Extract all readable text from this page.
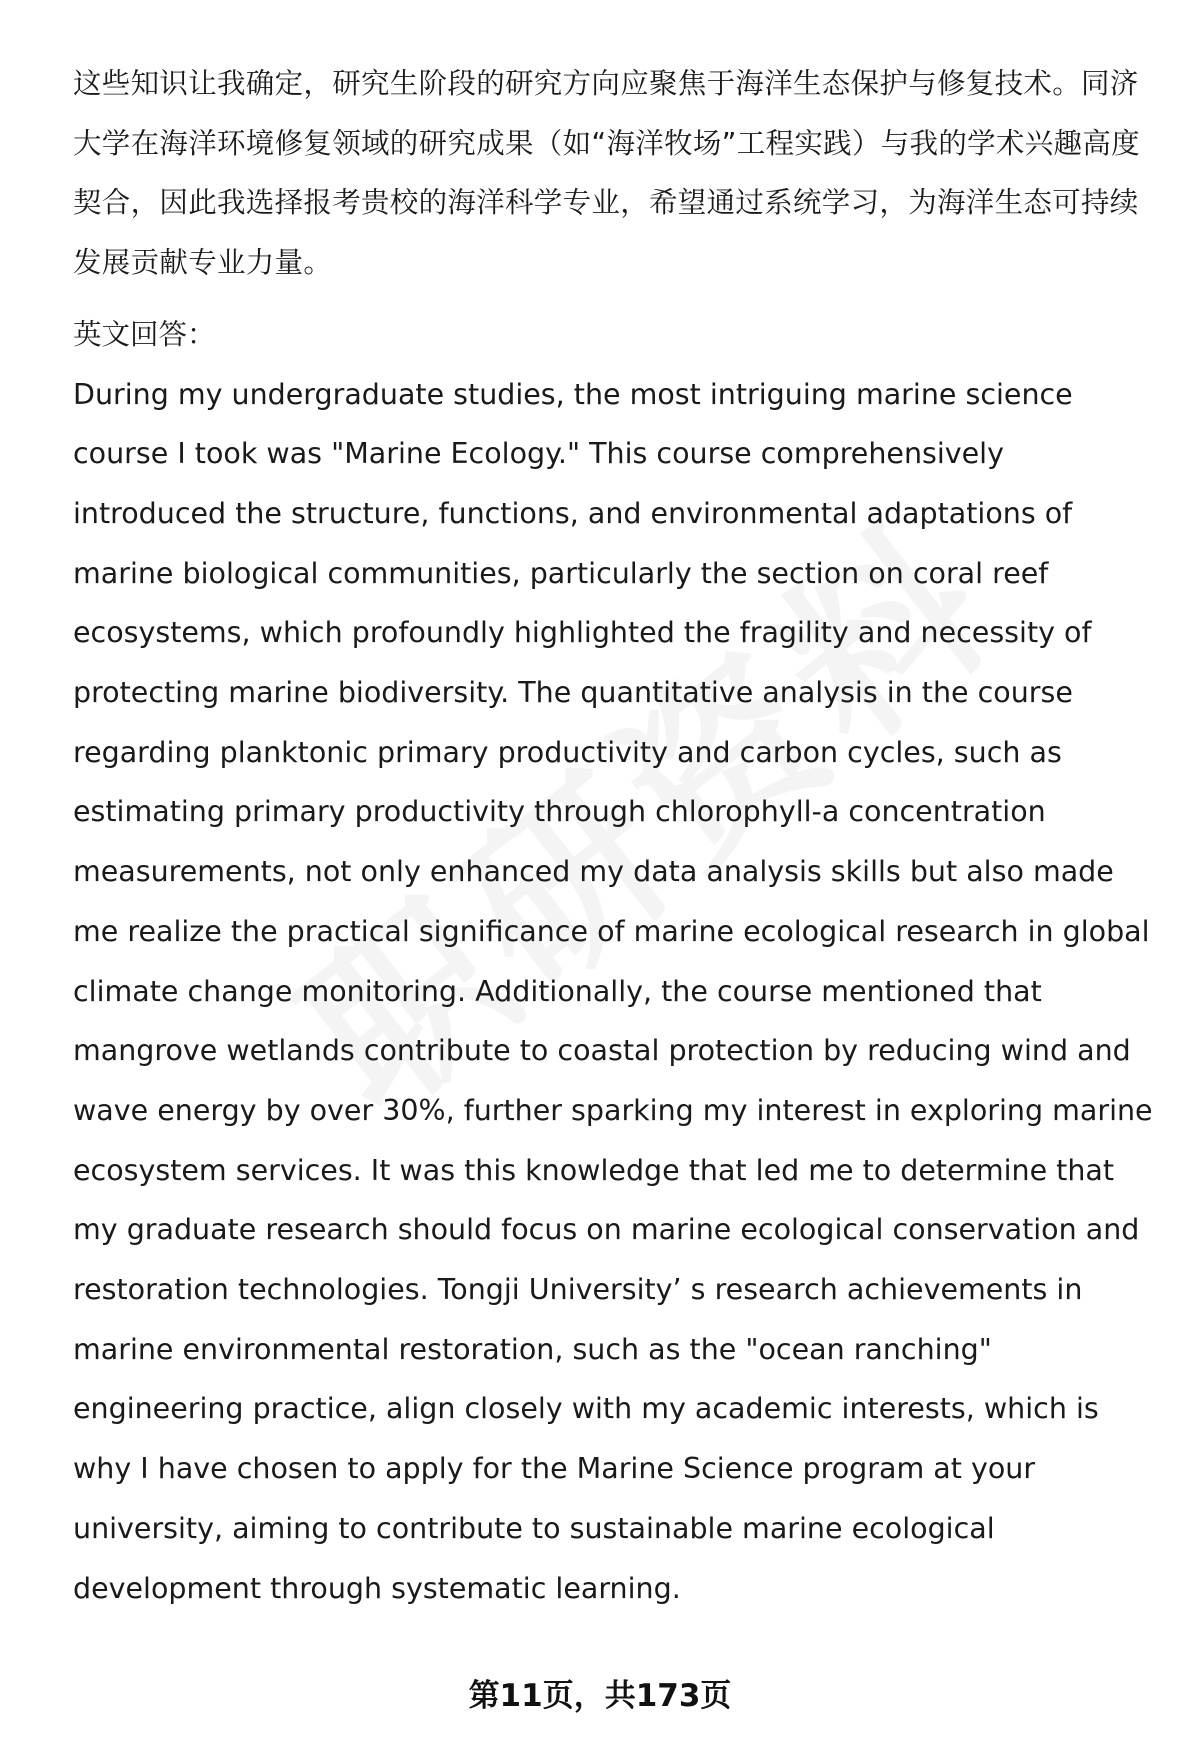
这些知识让我确定，研究生阶段的研究方向应聚焦于海洋生态保护与修复技术。同济大学在海洋环境修复领域的研究成果（如“海洋牧场”工程实践）与我的学术兴趣高度契合，因此我选择报考贵校的海洋科学专业，希望通过系统学习，为海洋生态可持续发展贡献专业力量。

英文回答：

During my undergraduate studies, the most intriguing marine science course I took was "Marine Ecology." This course comprehensively introduced the structure, functions, and environmental adaptations of marine biological communities, particularly the section on coral reef ecosystems, which profoundly highlighted the fragility and necessity of protecting marine biodiversity. The quantitative analysis in the course regarding planktonic primary productivity and carbon cycles, such as estimating primary productivity through chlorophyll-a concentration measurements, not only enhanced my data analysis skills but also made me realize the practical significance of marine ecological research in global climate change monitoring. Additionally, the course mentioned that mangrove wetlands contribute to coastal protection by reducing wind and wave energy by over 30%, further sparking my interest in exploring marine ecosystem services. It was this knowledge that led me to determine that my graduate research should focus on marine ecological conservation and restoration technologies. Tongji University’ s research achievements in marine environmental restoration, such as the "ocean ranching" engineering practice, align closely with my academic interests, which is why I have chosen to apply for the Marine Science program at your university, aiming to contribute to sustainable marine ecological development through systematic learning.

第11页，共173页
